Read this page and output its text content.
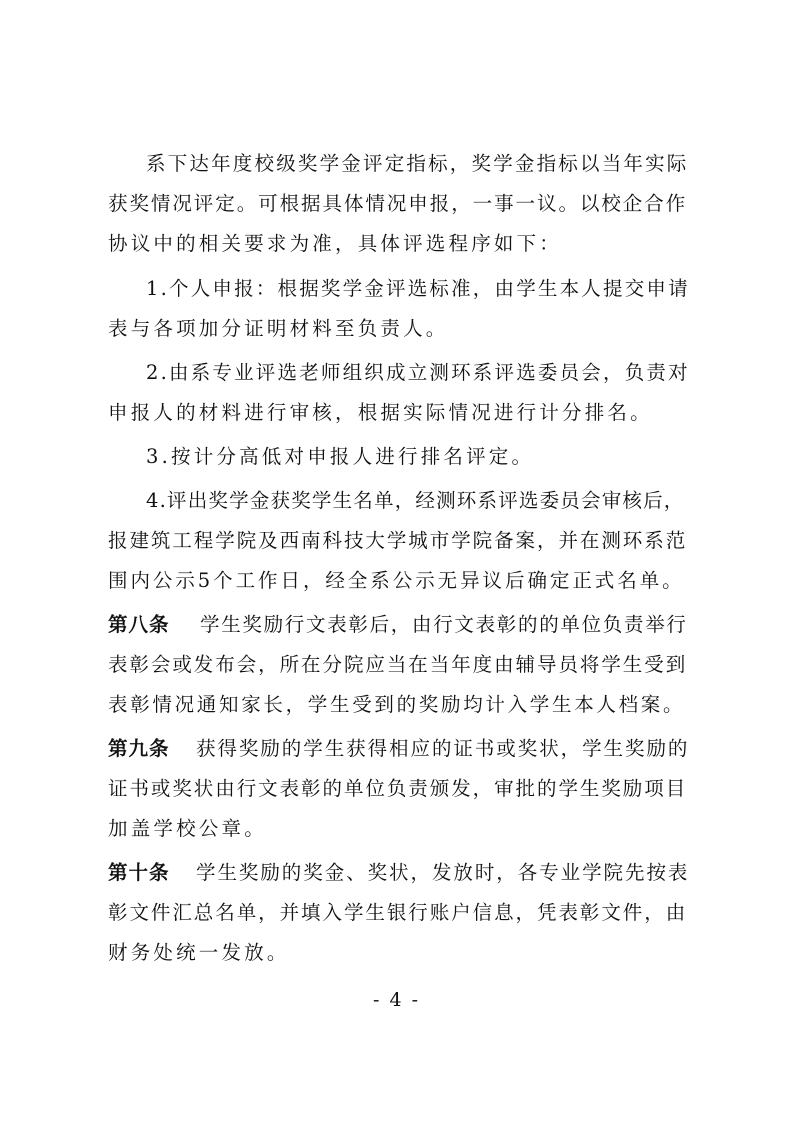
系下达年度校级奖学金评定指标，奖学金指标以当年实际
获奖情况评定。可根据具体情况申报，一事一议。以校企合作
协议中的相关要求为准，具体评选程序如下：
1.个人申报：根据奖学金评选标准，由学生本人提交申请
表与各项加分证明材料至负责人。
2.由系专业评选老师组织成立测环系评选委员会，负责对
申报人的材料进行审核，根据实际情况进行计分排名。
3.按计分高低对申报人进行排名评定。
4.评出奖学金获奖学生名单，经测环系评选委员会审核后，
报建筑工程学院及西南科技大学城市学院备案，并在测环系范
围内公示5个工作日，经全系公示无异议后确定正式名单。
第八条 学生奖励行文表彰后，由行文表彰的的单位负责举行
表彰会或发布会，所在分院应当在当年度由辅导员将学生受到
表彰情况通知家长，学生受到的奖励均计入学生本人档案。
第九条 获得奖励的学生获得相应的证书或奖状，学生奖励的
证书或奖状由行文表彰的单位负责颁发，审批的学生奖励项目
加盖学校公章。
第十条 学生奖励的奖金、奖状，发放时，各专业学院先按表
彰文件汇总名单，并填入学生银行账户信息，凭表彰文件，由
财务处统一发放。
- 4 -
